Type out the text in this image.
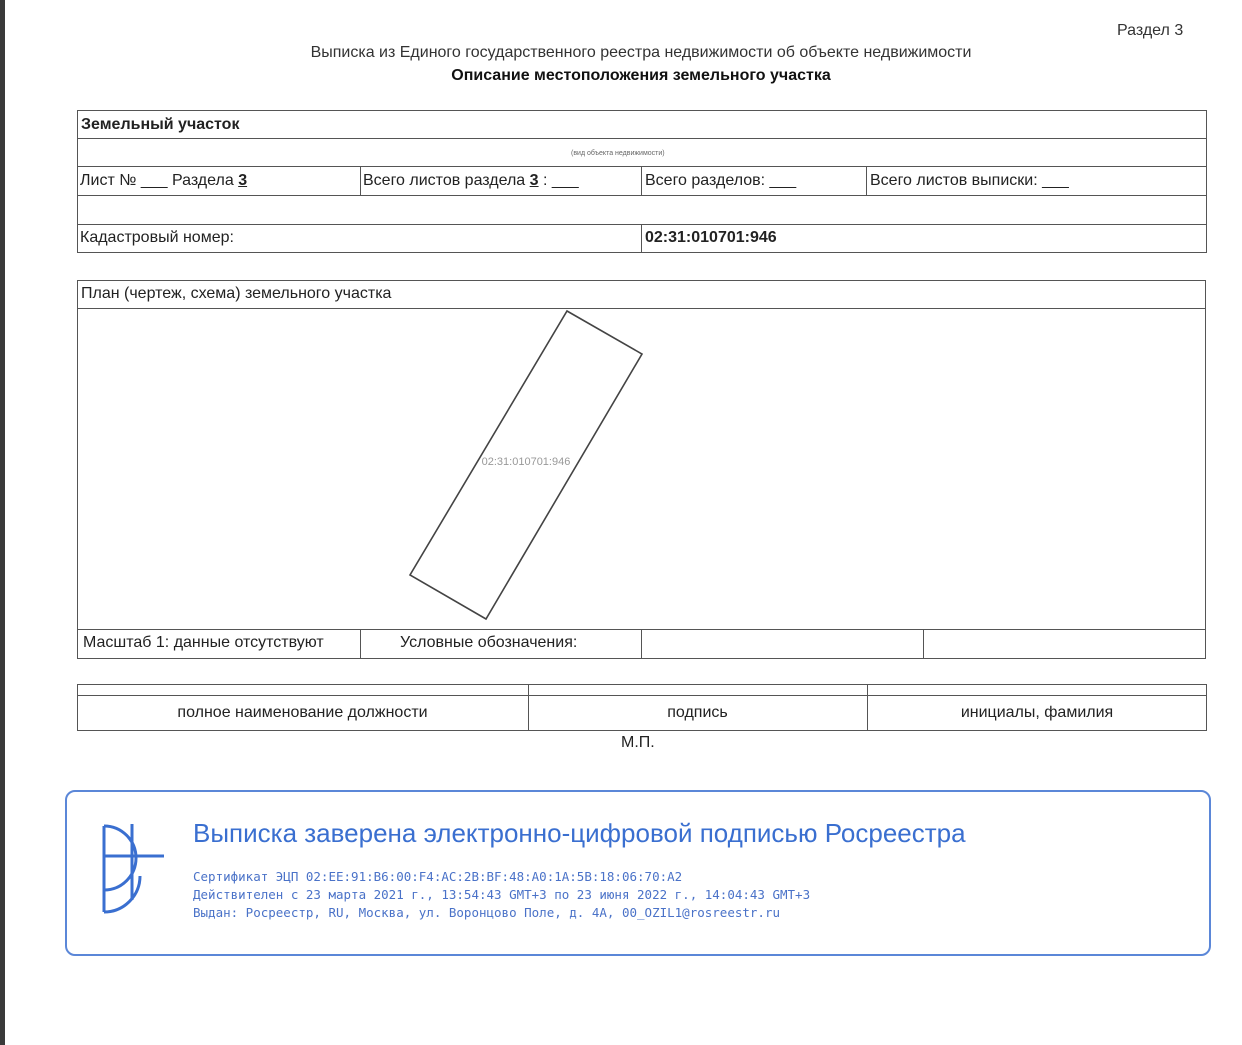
Раздел 3
Выписка из Единого государственного реестра недвижимости об объекте недвижимости
Описание местоположения земельного участка
Земельный участок
(вид объекта недвижимости)
Лист № ___ Раздела 3	Всего листов раздела 3 : ___	Всего разделов: ___	Всего листов выписки: ___
Кадастровый номер:	02:31:010701:946
План (чертеж, схема) земельного участка
02:31:010701:946
Масштаб 1: данные отсутствуют	Условные обозначения:
полное наименование должности	подпись	инициалы, фамилия
М.П.
Выписка заверена электронно-цифровой подписью Росреестра
Сертификат ЭЦП 02:EE:91:B6:00:F4:AC:2B:BF:48:A0:1A:5B:18:06:70:A2
Действителен с 23 марта 2021 г., 13:54:43 GMT+3 по 23 июня 2022 г., 14:04:43 GMT+3
Выдан: Росреестр, RU, Москва, ул. Воронцово Поле, д. 4А, 00_OZIL1@rosreestr.ru
